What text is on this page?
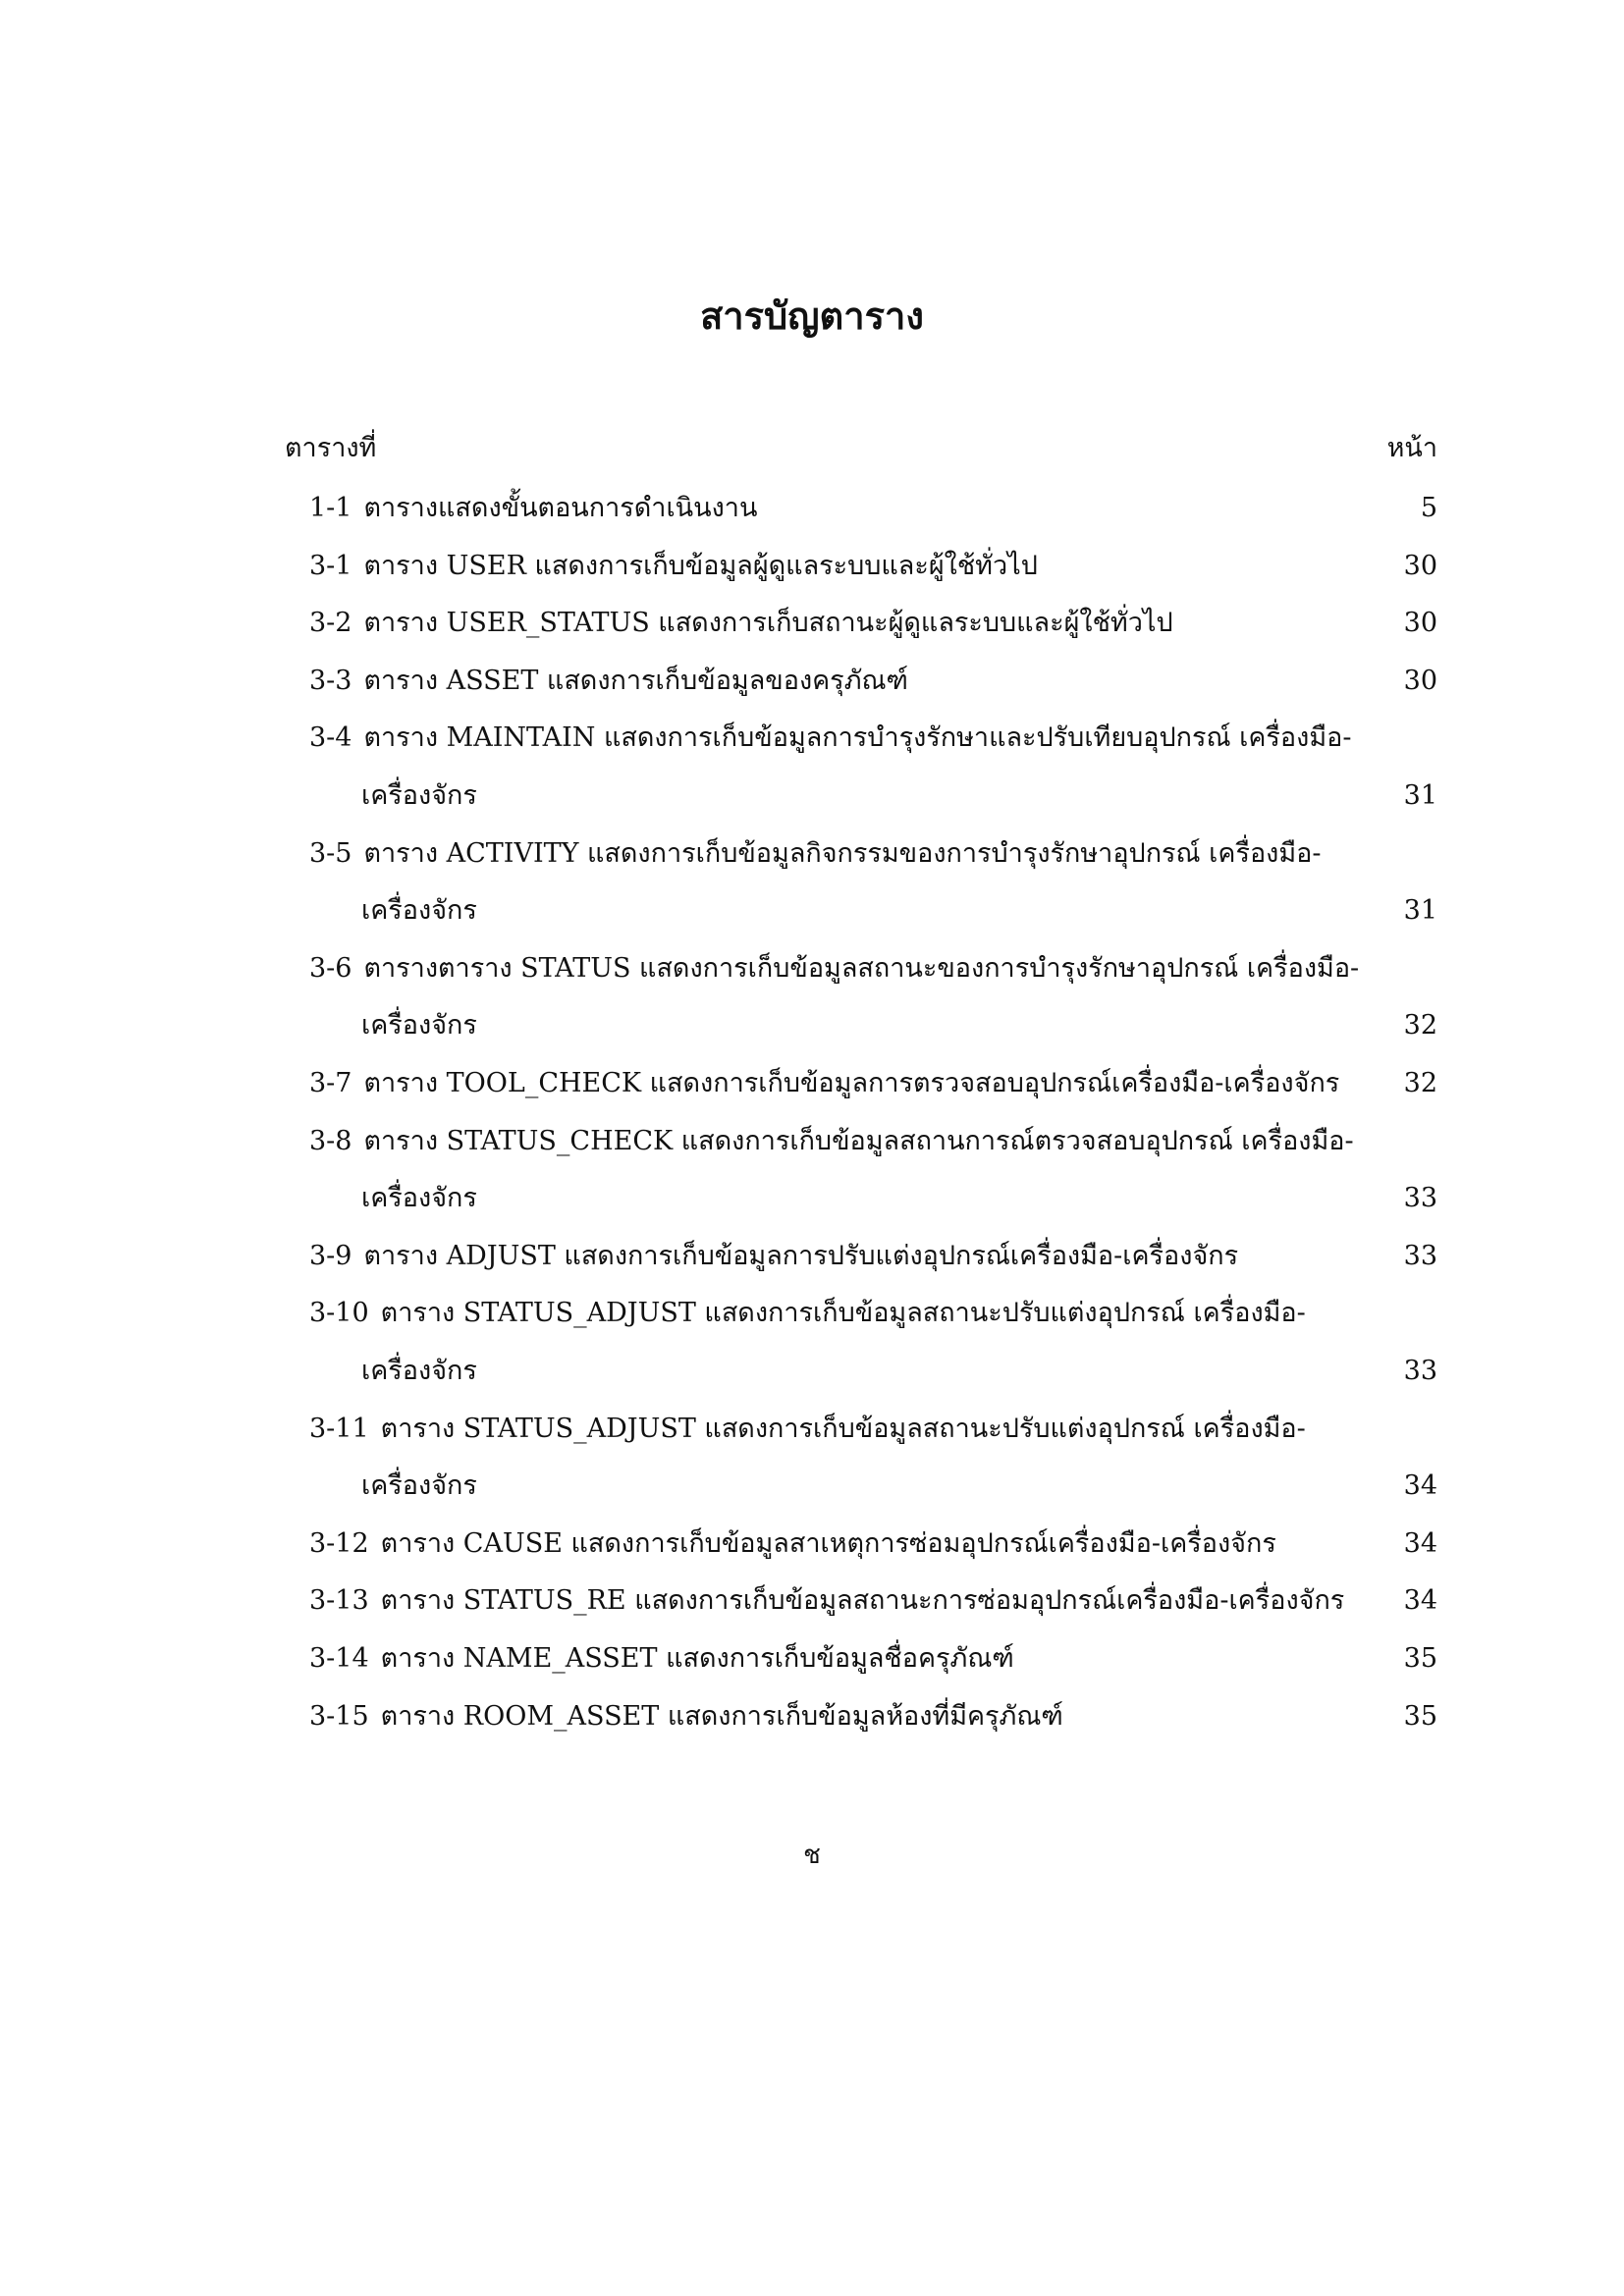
สารบัญตาราง
ตารางที่	หน้า
1-1 ตารางแสดงขั้นตอนการดำเนินงาน	5
3-1 ตาราง USER แสดงการเก็บข้อมูลผู้ดูแลระบบและผู้ใช้ทั่วไป	30
3-2 ตาราง USER_STATUS แสดงการเก็บสถานะผู้ดูแลระบบและผู้ใช้ทั่วไป	30
3-3 ตาราง ASSET แสดงการเก็บข้อมูลของครุภัณฑ์	30
3-4 ตาราง MAINTAIN แสดงการเก็บข้อมูลการบำรุงรักษาและปรับเทียบอุปกรณ์ เครื่องมือ-
เครื่องจักร	31
3-5 ตาราง ACTIVITY แสดงการเก็บข้อมูลกิจกรรมของการบำรุงรักษาอุปกรณ์ เครื่องมือ-
เครื่องจักร	31
3-6 ตารางตาราง STATUS แสดงการเก็บข้อมูลสถานะของการบำรุงรักษาอุปกรณ์ เครื่องมือ-
เครื่องจักร	32
3-7 ตาราง TOOL_CHECK แสดงการเก็บข้อมูลการตรวจสอบอุปกรณ์เครื่องมือ-เครื่องจักร 32
3-8 ตาราง STATUS_CHECK แสดงการเก็บข้อมูลสถานการณ์ตรวจสอบอุปกรณ์ เครื่องมือ-
เครื่องจักร	33
3-9 ตาราง ADJUST แสดงการเก็บข้อมูลการปรับแต่งอุปกรณ์เครื่องมือ-เครื่องจักร	33
3-10 ตาราง STATUS_ADJUST แสดงการเก็บข้อมูลสถานะปรับแต่งอุปกรณ์ เครื่องมือ-
เครื่องจักร	33
3-11 ตาราง STATUS_ADJUST แสดงการเก็บข้อมูลสถานะปรับแต่งอุปกรณ์ เครื่องมือ-
เครื่องจักร	34
3-12 ตาราง CAUSE แสดงการเก็บข้อมูลสาเหตุการซ่อมอุปกรณ์เครื่องมือ-เครื่องจักร	34
3-13 ตาราง STATUS_RE แสดงการเก็บข้อมูลสถานะการซ่อมอุปกรณ์เครื่องมือ-เครื่องจักร 34
3-14 ตาราง NAME_ASSET แสดงการเก็บข้อมูลชื่อครุภัณฑ์	35
3-15 ตาราง ROOM_ASSET แสดงการเก็บข้อมูลห้องที่มีครุภัณฑ์	35
ช
